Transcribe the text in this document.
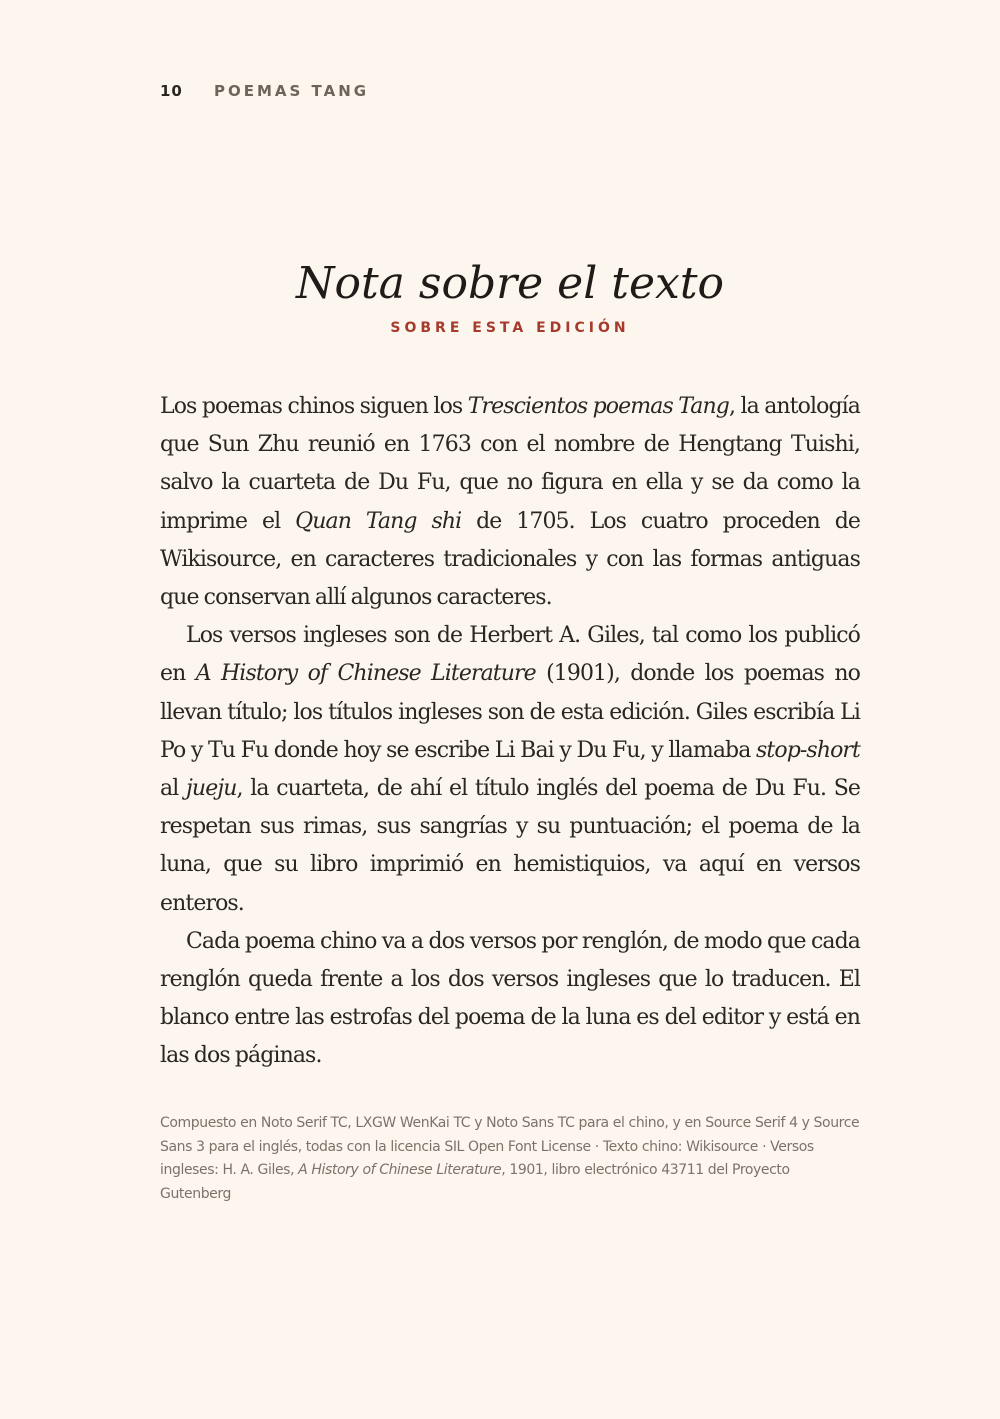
10 POEMAS TANG
Nota sobre el texto
SOBRE ESTA EDICIÓN

Los poemas chinos siguen los Trescientos poemas Tang, la antología que Sun Zhu reunió en 1763 con el nombre de Hengtang Tuishi, salvo la cuarteta de Du Fu, que no figura en ella y se da como la imprime el Quan Tang shi de 1705. Los cuatro proceden de Wikisource, en caracteres tradicionales y con las formas antiguas que conservan allí algunos caracteres.

Los versos ingleses son de Herbert A. Giles, tal como los publicó en A History of Chinese Literature (1901), donde los poemas no llevan título; los títulos ingleses son de esta edición. Giles escribía Li Po y Tu Fu donde hoy se escribe Li Bai y Du Fu, y llamaba stop-short al jueju, la cuarteta, de ahí el título inglés del poema de Du Fu. Se respetan sus rimas, sus sangrías y su puntuación; el poema de la luna, que su libro imprimió en hemistiquios, va aquí en versos enteros.

Cada poema chino va a dos versos por renglón, de modo que cada renglón queda frente a los dos versos ingleses que lo traducen. El blanco entre las estrofas del poema de la luna es del editor y está en las dos páginas.

Compuesto en Noto Serif TC, LXGW WenKai TC y Noto Sans TC para el chino, y en Source Serif 4 y Source Sans 3 para el inglés, todas con la licencia SIL Open Font License · Texto chino: Wikisource · Versos ingleses: H. A. Giles, A History of Chinese Literature, 1901, libro electrónico 43711 del Proyecto Gutenberg
